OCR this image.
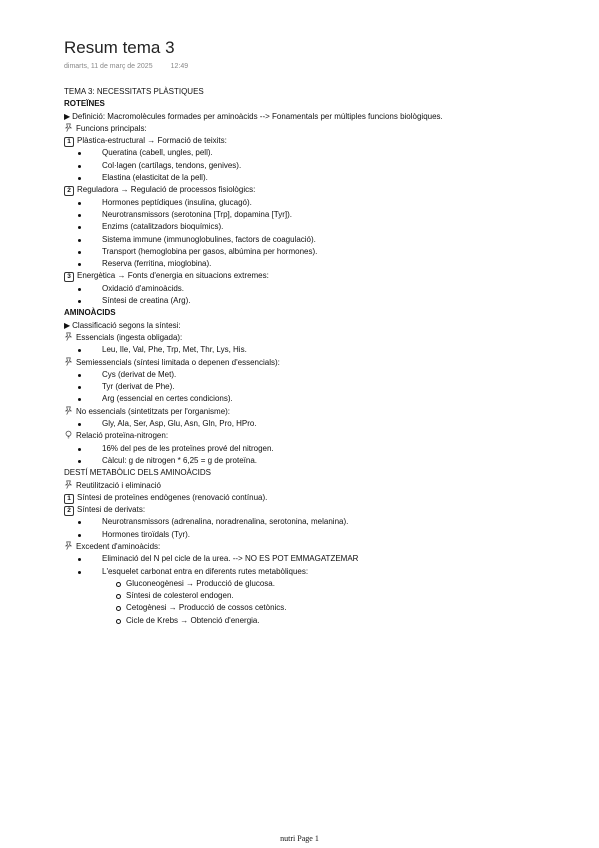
Resum tema 3
dimarts, 11 de març de 2025	12:49
TEMA 3: NECESSITATS PLÀSTIQUES
ROTEÏNES
▶ Definició: Macromolècules formades per aminoàcids --> Fonamentals per múltiples funcions biològiques.
Funcions principals:
1 Plàstica-estructural → Formació de teixits:
Queratina (cabell, ungles, pell).
Col·lagen (cartílags, tendons, genives).
Elastina (elasticitat de la pell).
2 Reguladora → Regulació de processos fisiològics:
Hormones peptídiques (insulina, glucagó).
Neurotransmissors (serotonina [Trp], dopamina [Tyr]).
Enzims (catalitzadors bioquímics).
Sistema immune (immunoglobulines, factors de coagulació).
Transport (hemoglobina per gasos, albúmina per hormones).
Reserva (ferritina, mioglobina).
3 Energètica → Fonts d'energia en situacions extremes:
Oxidació d'aminoàcids.
Síntesi de creatina (Arg).
AMINOÀCIDS
▶ Classificació segons la síntesi:
Essencials (ingesta obligada):
Leu, Ile, Val, Phe, Trp, Met, Thr, Lys, His.
Semiessencials (síntesi limitada o depenen d'essencials):
Cys (derivat de Met).
Tyr (derivat de Phe).
Arg (essencial en certes condicions).
No essencials (sintetitzats per l'organisme):
Gly, Ala, Ser, Asp, Glu, Asn, Gln, Pro, HPro.
Relació proteïna-nitrogen:
16% del pes de les proteïnes prové del nitrogen.
Càlcul: g de nitrogen * 6,25 = g de proteïna.
DESTÍ METABÒLIC DELS AMINOÀCIDS
Reutilització i eliminació
1 Síntesi de proteïnes endògenes (renovació contínua).
2 Síntesi de derivats:
Neurotransmissors (adrenalina, noradrenalina, serotonina, melanina).
Hormones tiroïdals (Tyr).
Excedent d'aminoàcids:
Eliminació del N pel cicle de la urea. --> NO ES POT EMMAGATZEMAR
L'esquelet carbonat entra en diferents rutes metabòliques:
Gluconeogènesi → Producció de glucosa.
Síntesi de colesterol endogen.
Cetogènesi → Producció de cossos cetònics.
Cicle de Krebs → Obtenció d'energia.
nutri Page 1
